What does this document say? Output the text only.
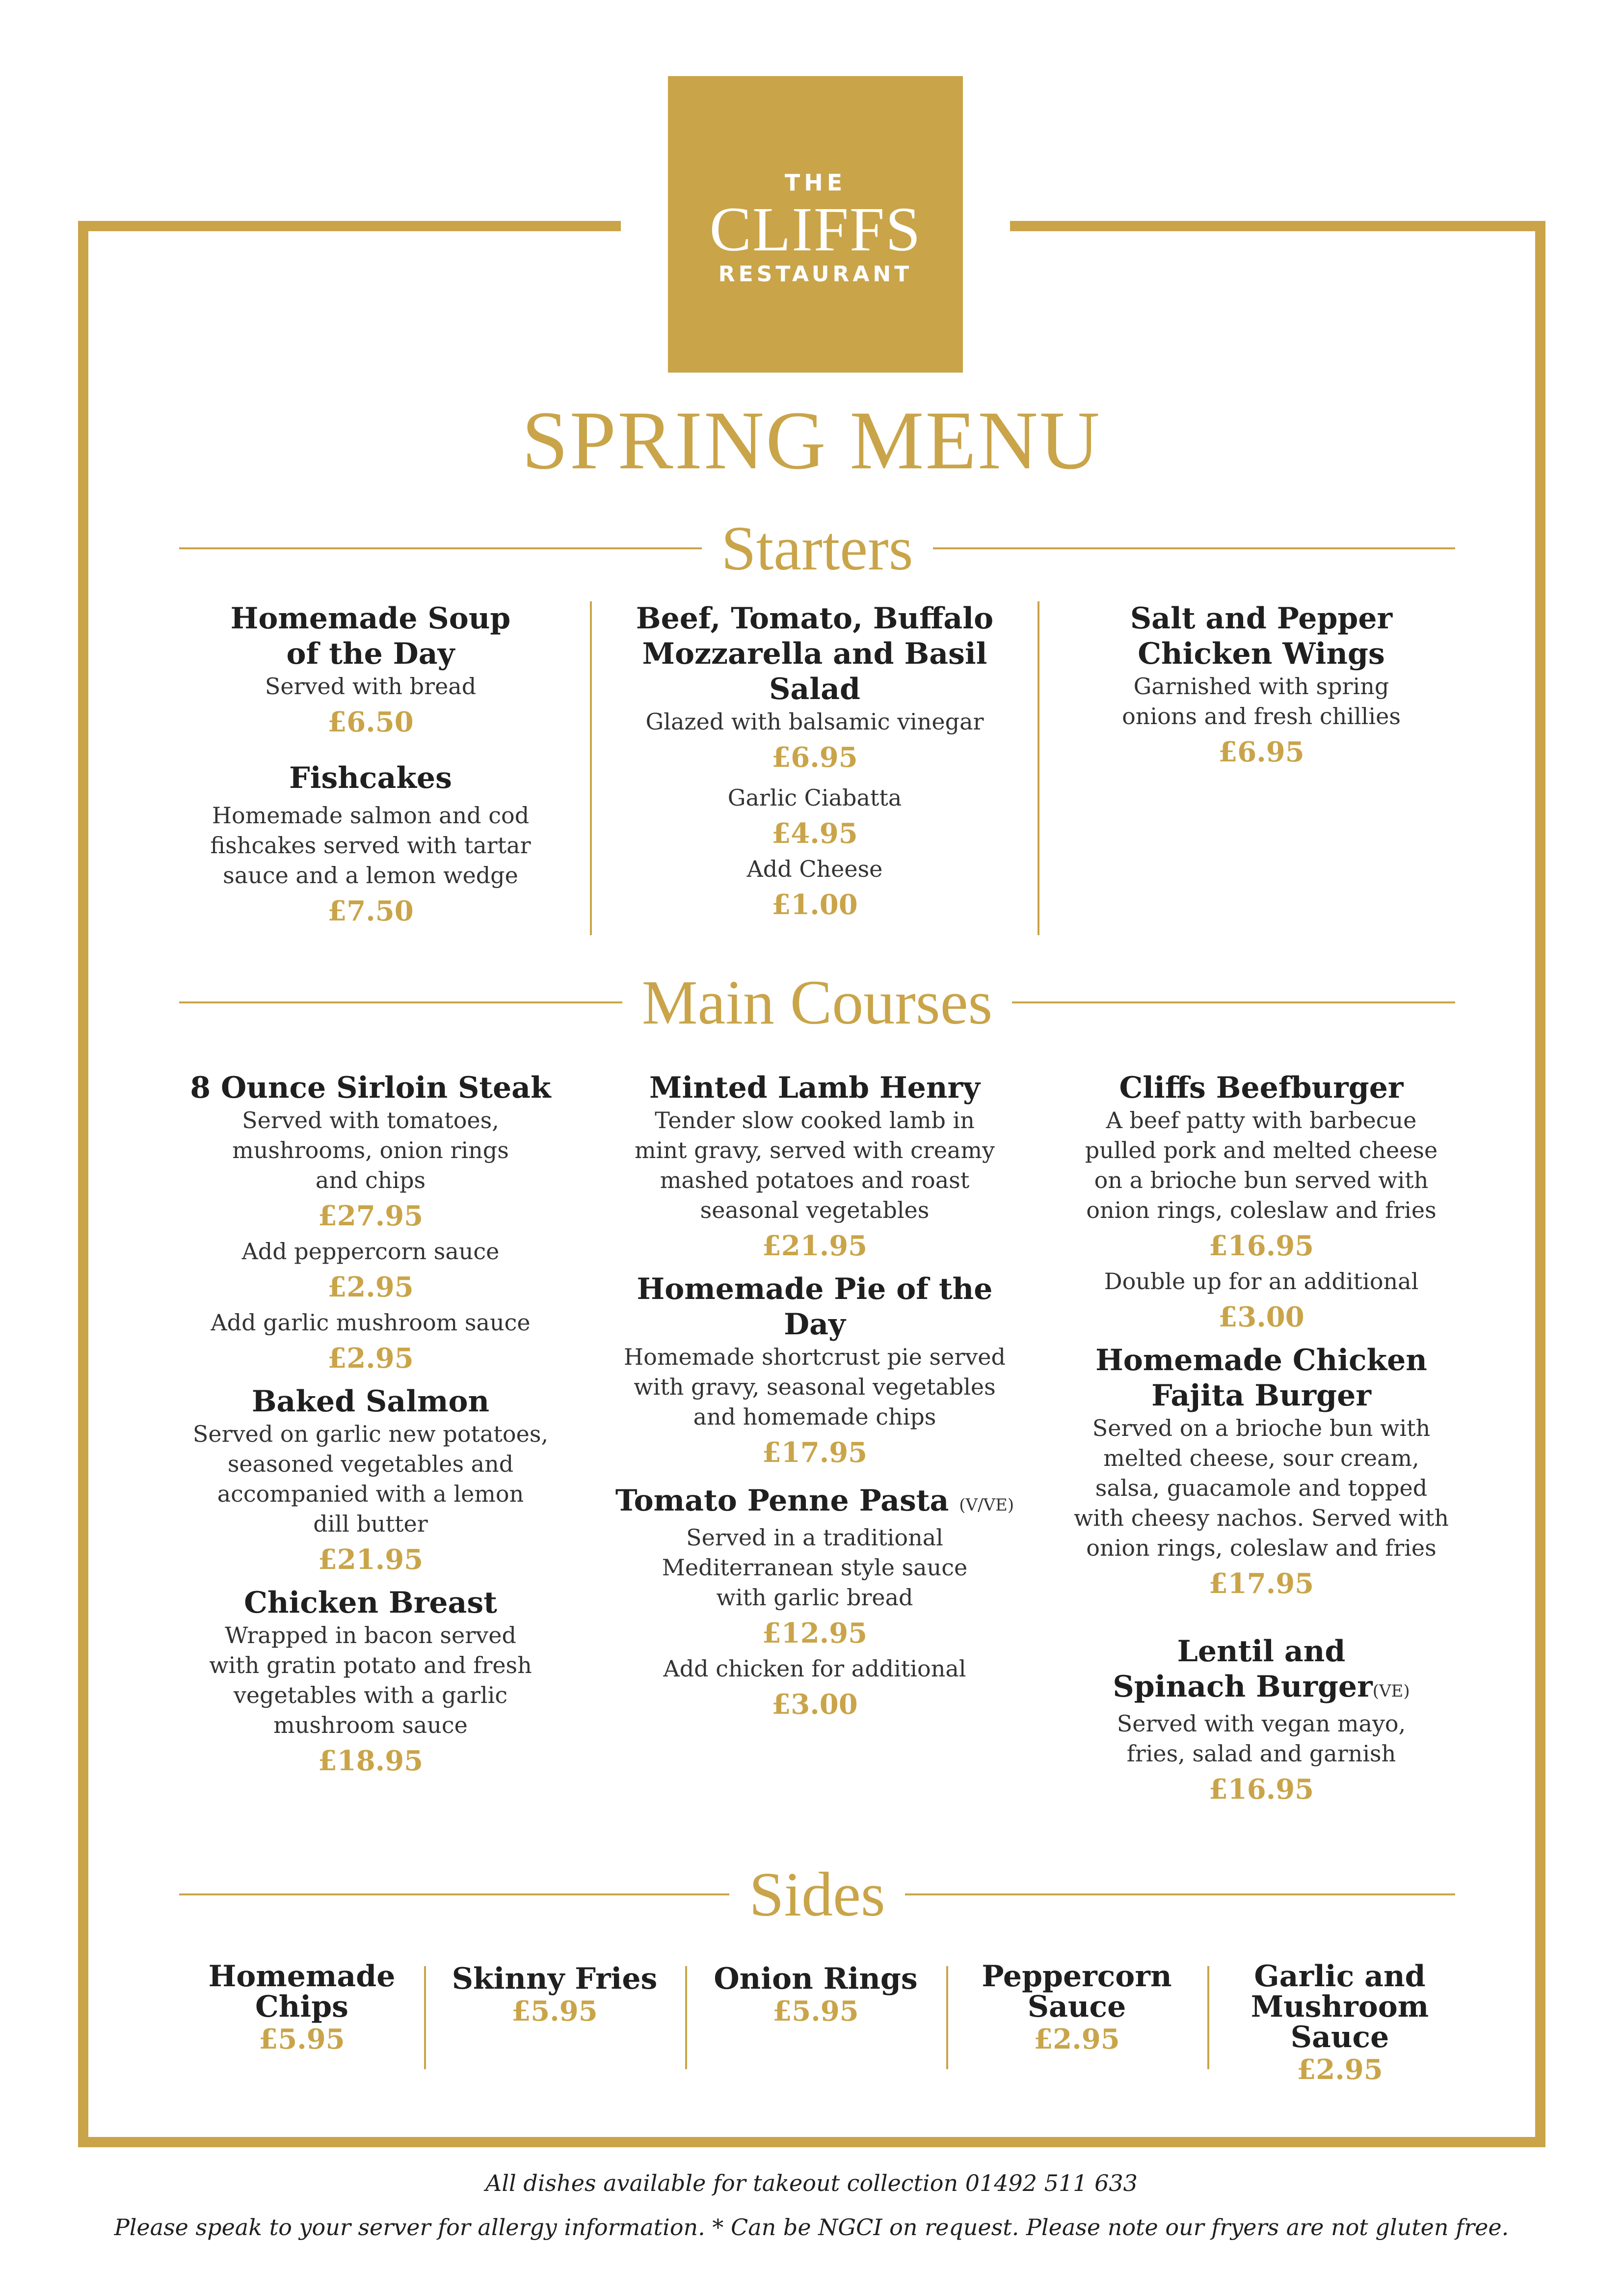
THE
CLIFFS
RESTAURANT
SPRING MENU
Starters
Homemade Soup
of the Day
Served with bread
£6.50
Fishcakes
Homemade salmon and cod
fishcakes served with tartar
sauce and a lemon wedge
£7.50
Beef, Tomato, Buffalo
Mozzarella and Basil Salad
Glazed with balsamic vinegar
£6.95
Garlic Ciabatta
£4.95
Add Cheese
£1.00
Salt and Pepper
Chicken Wings
Garnished with spring
onions and fresh chillies
£6.95
Main Courses
8 Ounce Sirloin Steak
Served with tomatoes,
mushrooms, onion rings
and chips
£27.95
Add peppercorn sauce
£2.95
Add garlic mushroom sauce
£2.95
Baked Salmon
Served on garlic new potatoes,
seasoned vegetables and
accompanied with a lemon
dill butter
£21.95
Chicken Breast
Wrapped in bacon served
with gratin potato and fresh
vegetables with a garlic
mushroom sauce
£18.95
Minted Lamb Henry
Tender slow cooked lamb in
mint gravy, served with creamy
mashed potatoes and roast
seasonal vegetables
£21.95
Homemade Pie of the Day
Homemade shortcrust pie served
with gravy, seasonal vegetables
and homemade chips
£17.95
Tomato Penne Pasta (V/VE)
Served in a traditional
Mediterranean style sauce
with garlic bread
£12.95
Add chicken for additional
£3.00
Cliffs Beefburger
A beef patty with barbecue
pulled pork and melted cheese
on a brioche bun served with
onion rings, coleslaw and fries
£16.95
Double up for an additional
£3.00
Homemade Chicken
Fajita Burger
Served on a brioche bun with
melted cheese, sour cream,
salsa, guacamole and topped
with cheesy nachos. Served with
onion rings, coleslaw and fries
£17.95
Lentil and
Spinach Burger(VE)
Served with vegan mayo,
fries, salad and garnish
£16.95
Sides
Homemade
Chips
£5.95
Skinny Fries
£5.95
Onion Rings
£5.95
Peppercorn
Sauce
£2.95
Garlic and
Mushroom Sauce
£2.95
All dishes available for takeout collection 01492 511 633
Please speak to your server for allergy information. * Can be NGCI on request. Please note our fryers are not gluten free.
